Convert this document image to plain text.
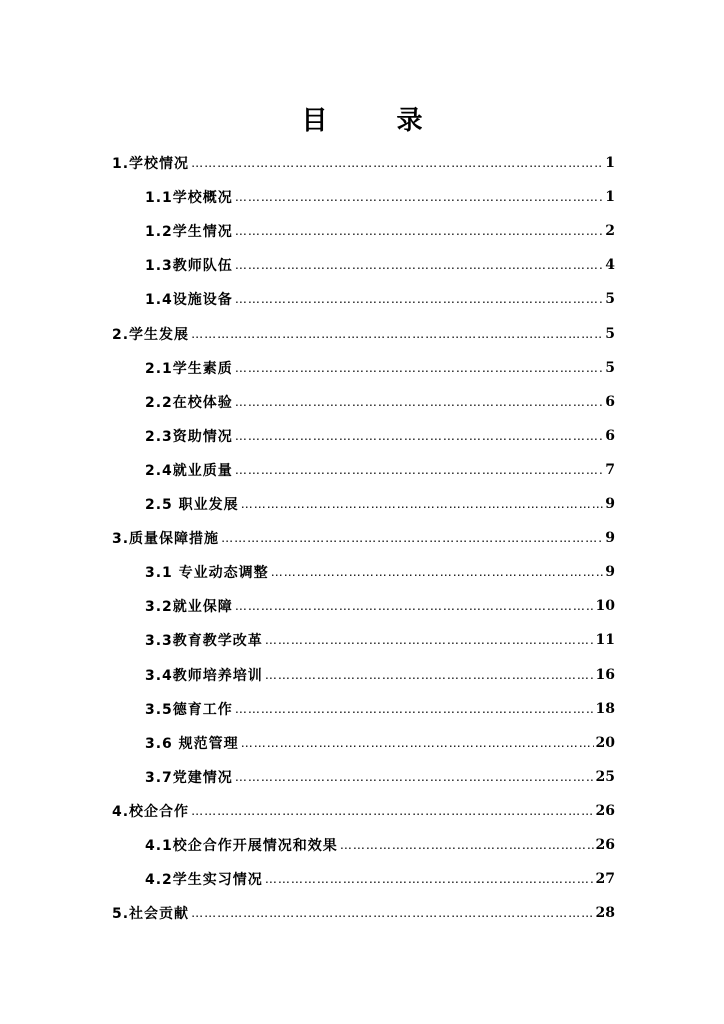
目 录
1.学校情况 …………………………………………………………………………………………………………………………………………………………	1
1.1学校概况 …………………………………………………………………………………………………………………………………………………………	1
1.2学生情况 …………………………………………………………………………………………………………………………………………………………	2
1.3教师队伍 …………………………………………………………………………………………………………………………………………………………	4
1.4设施设备 …………………………………………………………………………………………………………………………………………………………	5
2.学生发展 …………………………………………………………………………………………………………………………………………………………	5
2.1学生素质 …………………………………………………………………………………………………………………………………………………………	5
2.2在校体验 …………………………………………………………………………………………………………………………………………………………	6
2.3资助情况 …………………………………………………………………………………………………………………………………………………………	6
2.4就业质量 …………………………………………………………………………………………………………………………………………………………	7
2.5 职业发展 …………………………………………………………………………………………………………………………………………………………	9
3.质量保障措施 …………………………………………………………………………………………………………………………………………………………	9
3.1 专业动态调整 …………………………………………………………………………………………………………………………………………………………	9
3.2就业保障 …………………………………………………………………………………………………………………………………………………………	10
3.3教育教学改革 …………………………………………………………………………………………………………………………………………………………	11
3.4教师培养培训 …………………………………………………………………………………………………………………………………………………………	16
3.5德育工作 …………………………………………………………………………………………………………………………………………………………	18
3.6 规范管理 …………………………………………………………………………………………………………………………………………………………	20
3.7党建情况 …………………………………………………………………………………………………………………………………………………………	25
4.校企合作 …………………………………………………………………………………………………………………………………………………………	26
4.1校企合作开展情况和效果 …………………………………………………………………………………………………………………………………………………………	26
4.2学生实习情况 …………………………………………………………………………………………………………………………………………………………	27
5.社会贡献 …………………………………………………………………………………………………………………………………………………………	28
